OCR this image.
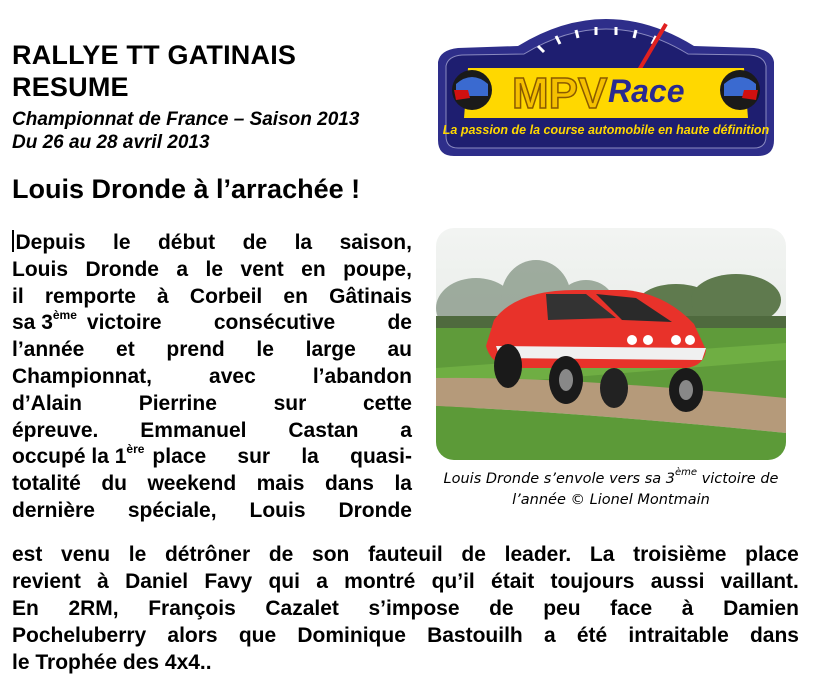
RALLYE TT GATINAIS
RESUME
Championnat de France – Saison 2013
Du 26 au 28 avril 2013
MPV Race
La passion de la course automobile en haute définition
Louis Dronde à l’arrachée !
Depuis le début de la saison,
Louis Dronde a le vent en poupe,
il remporte à Corbeil en Gâtinais
sa 3ème victoire consécutive de
l’année et prend le large au
Championnat,	avec	l’abandon
d’Alain	Pierrine	sur	cette
épreuve. Emmanuel Castan a
occupé la 1ère place sur la quasi-
totalité du weekend mais dans la
dernière spéciale, Louis Dronde
Louis Dronde s’envole vers sa 3ème victoire de
l’année © Lionel Montmain
est venu le détrôner de son fauteuil de leader. La troisième place
revient à Daniel Favy qui a montré qu’il était toujours aussi vaillant.
En 2RM, François Cazalet s’impose de peu face à Damien
Pocheluberry alors que Dominique Bastouilh a été intraitable dans
le Trophée des 4x4..
